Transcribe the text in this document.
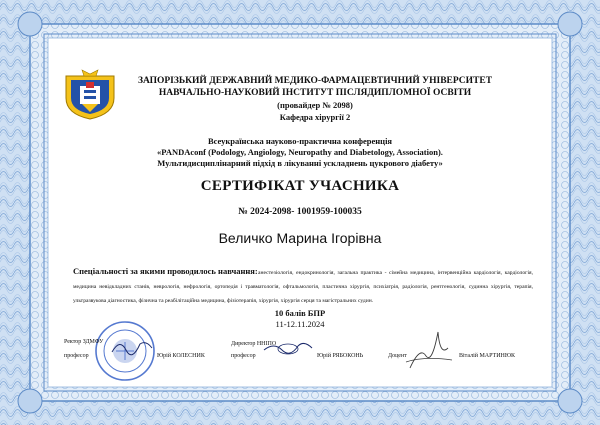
ЗАПОРІЗЬКИЙ ДЕРЖАВНИЙ МЕДИКО-ФАРМАЦЕВТИЧНИЙ УНІВЕРСИТЕТ
НАВЧАЛЬНО-НАУКОВИЙ ІНСТИТУТ ПІСЛЯДИПЛОМНОЇ ОСВІТИ
(провайдер № 2098)
Кафедра хірургії 2
Всеукраїнська науково-практична конференція
«PANDAconf (Podology, Angiology, Neuropathy and Diabetology, Association).
Мультидисциплінарний підхід в лікуванні ускладнень цукрового діабету»
СЕРТИФІКАТ УЧАСНИКА
№ 2024-2098- 1001959-100035
Величко Марина Ігорівна
анестезіологія, ендокринологія, загальна практика - сімейна медицина, інтервенційна кардіологія, кардіологія, медицина невідкладних станів, неврологія, нефрологія, ортопедія і травматологія, офтальмологія, пластична хірургія, психіатрія, радіологія, рентгенологія, судинна хірургія, терапія, ультразвукова діагностика, фізична та реабілітаційна медицина, фізіотерапія, хірургія, хірургія серця та магістральних судин.
Спеціальності за якими проводилось навчання:
10 балів БПР
11-12.11.2024
Ректор ЗДМФУ
професор	Юрій КОЛЕСНИК
Директор ННІПО
професор	Юрій РЯБОКОНЬ	Доцент	Віталій МАРТИНЮК
